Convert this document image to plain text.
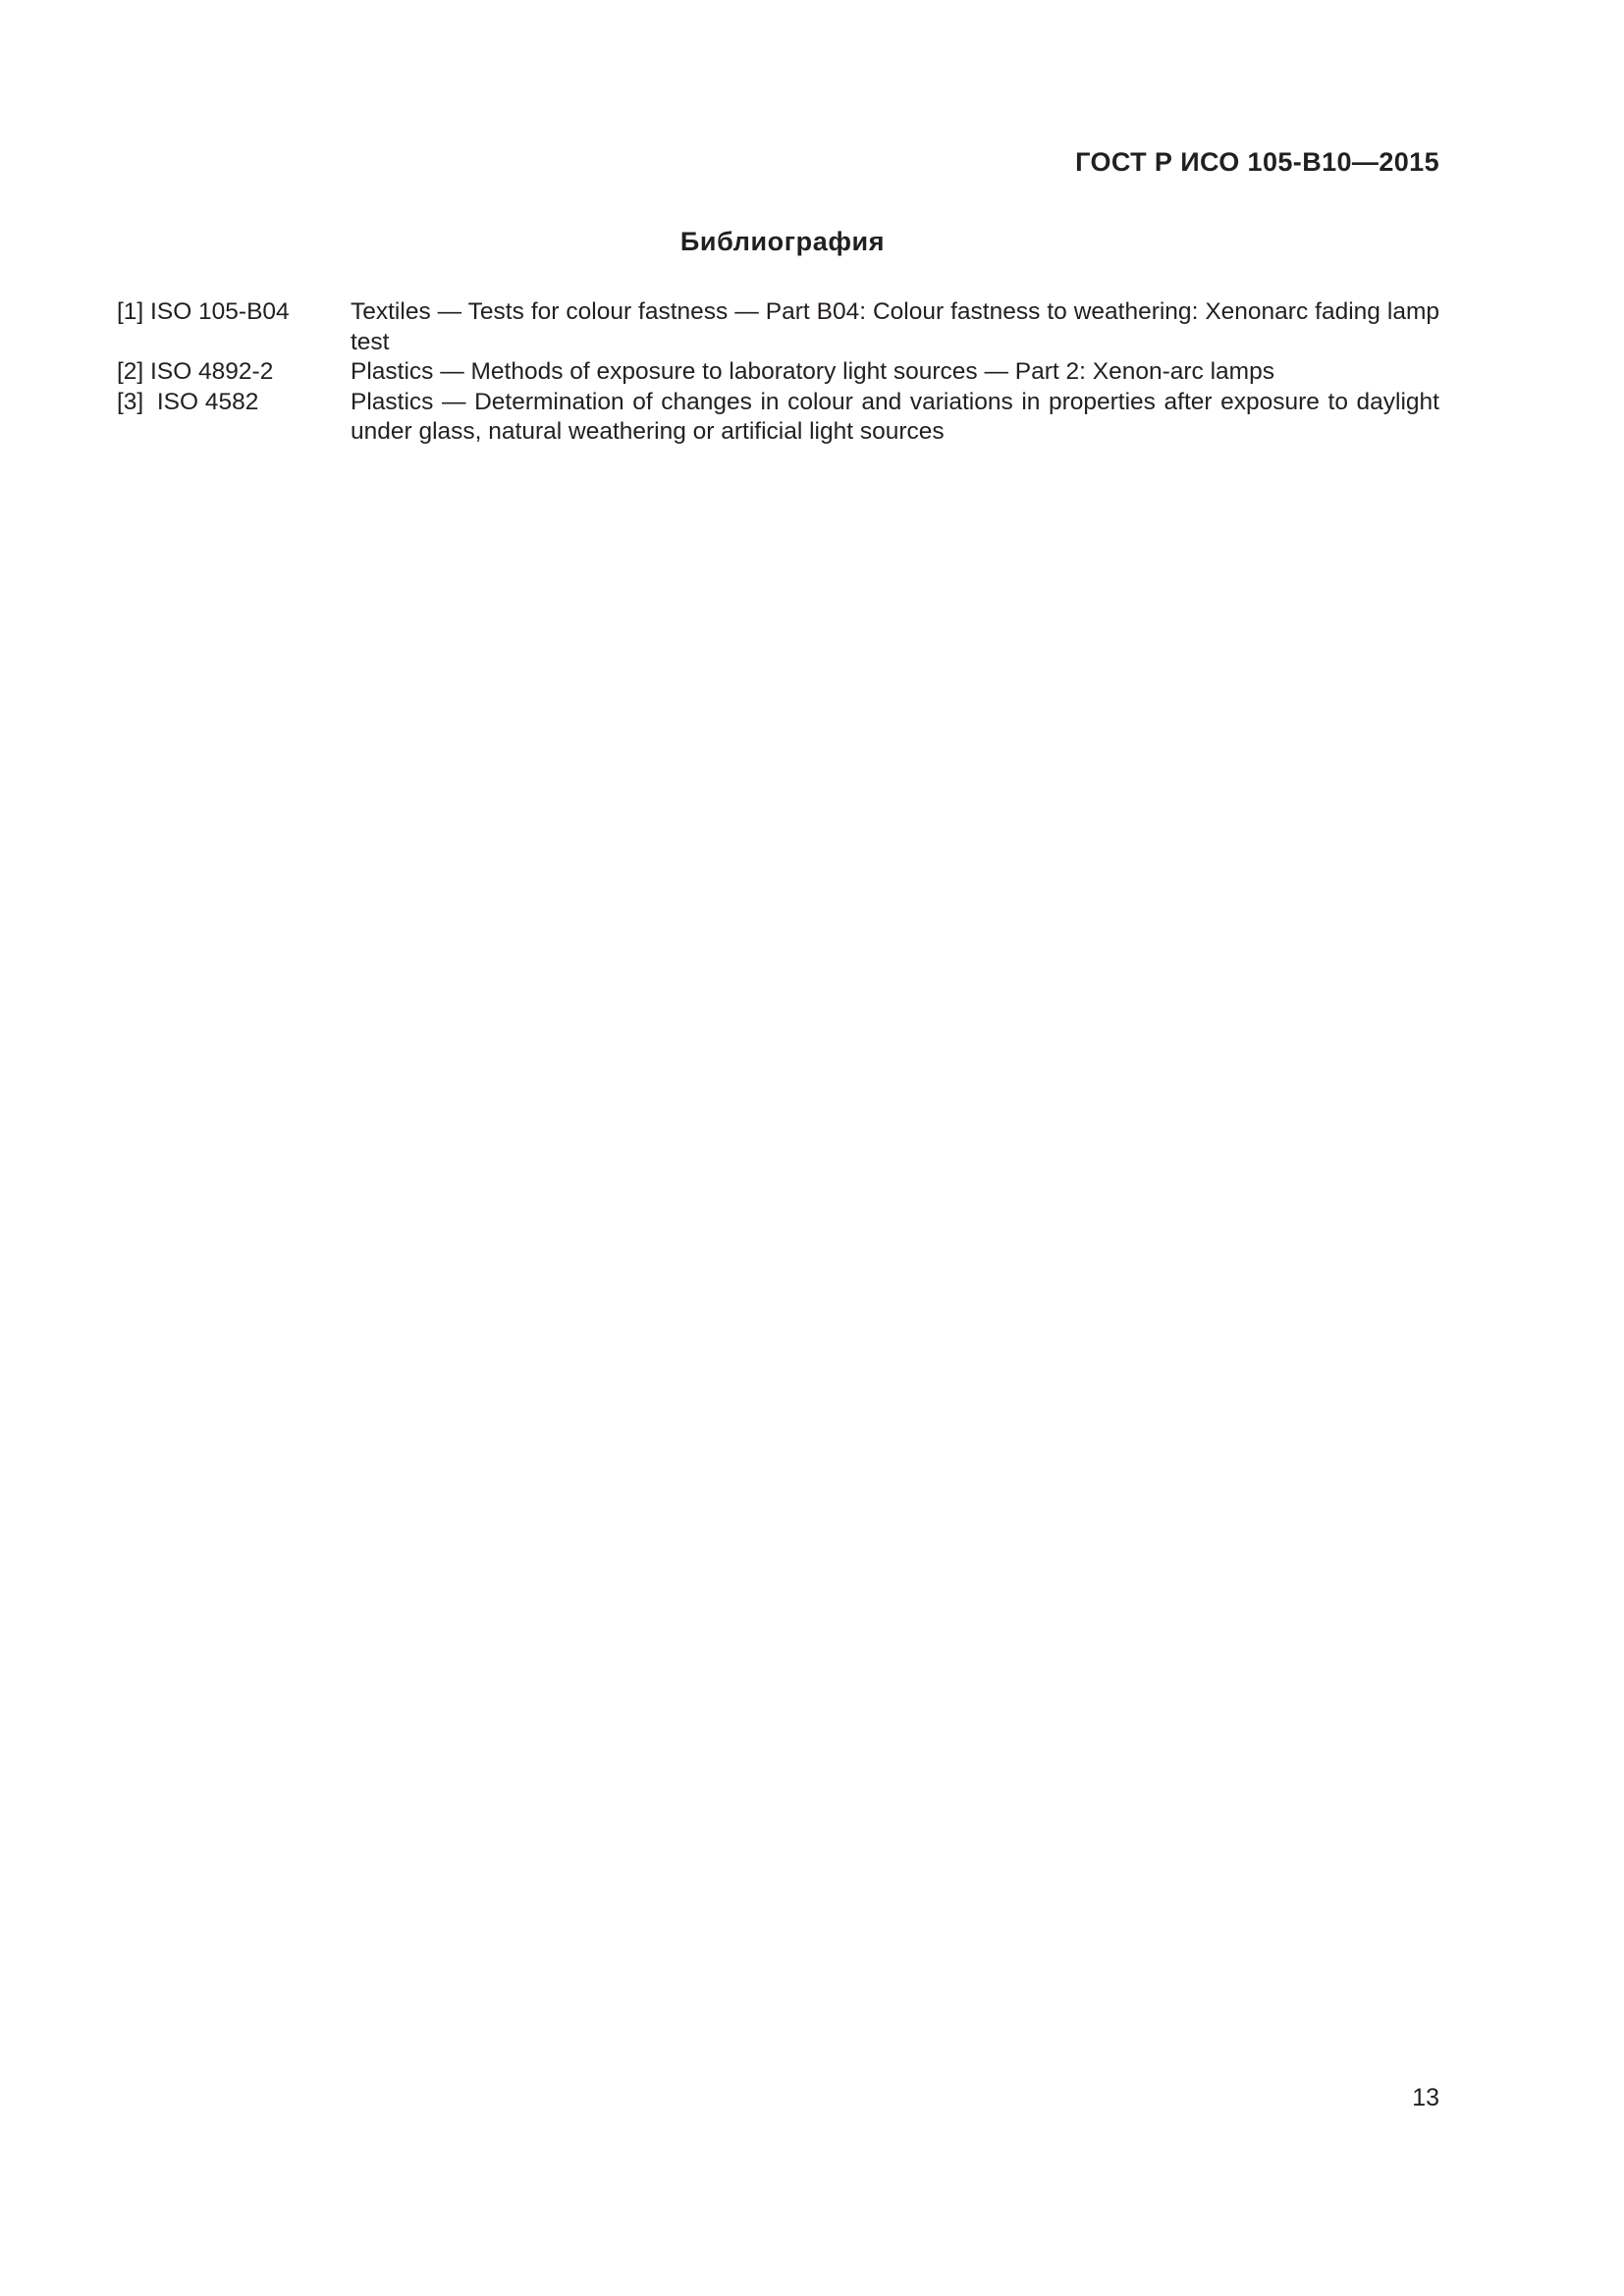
ГОСТ Р ИСО 105-B10—2015
Библиография
[1] ISO 105-B04	Textiles — Tests for colour fastness — Part B04: Colour fastness to weathering: Xenonarc fading lamp test
[2] ISO 4892-2	Plastics — Methods of exposure to laboratory light sources — Part 2: Xenon-arc lamps
[3]  ISO 4582	Plastics — Determination of changes in colour and variations in properties after exposure to daylight under glass, natural weathering or artificial light sources
13
